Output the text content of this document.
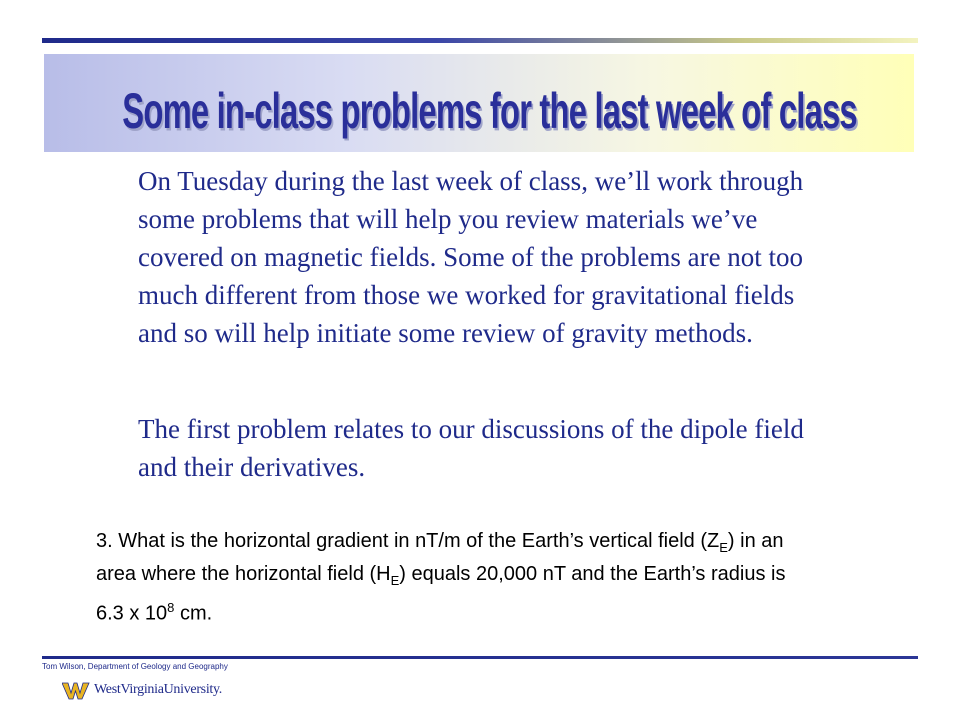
Some in-class problems for the last week of class

On Tuesday during the last week of class, we’ll work through some problems that will help you review materials we’ve covered on magnetic fields. Some of the problems are not too much different from those we worked for gravitational fields and so will help initiate some review of gravity methods.

The first problem relates to our discussions of the dipole field and their derivatives.

3. What is the horizontal gradient in nT/m of the Earth’s vertical field $(Z_E)$ in an area where the horizontal field $(H_E)$ equals 20,000 nT and the Earth’s radius is 6.3 x $10^8$ cm.

Tom Wilson, Department of Geology and Geography
WestVirginiaUniversity.
